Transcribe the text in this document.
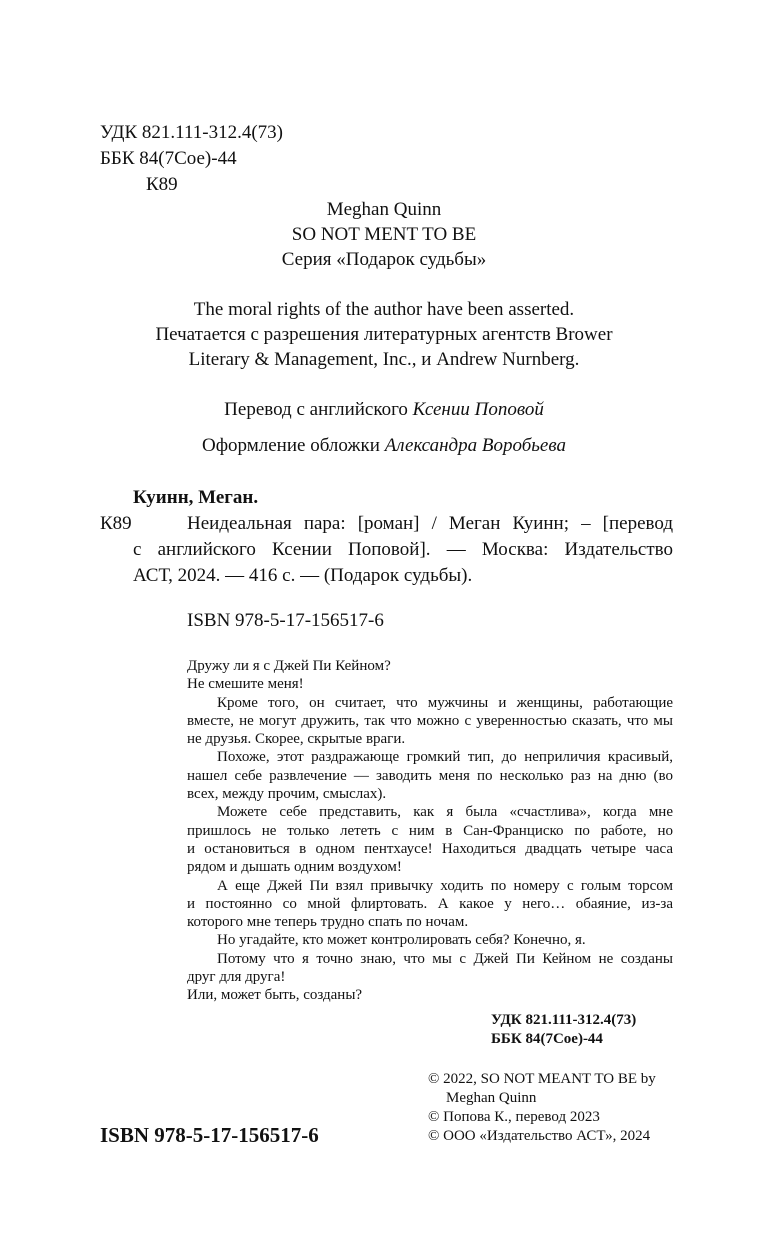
УДК 821.111-312.4(73)
ББК 84(7Сое)-44
К89
Meghan Quinn
SO NOT MENT TO BE
Серия «Подарок судьбы»
The moral rights of the author have been asserted.
Печатается с разрешения литературных агентств Brower
Literary & Management, Inc., и Andrew Nurnberg.
Перевод с английского Ксении Поповой
Оформление обложки Александра Воробьева
Куинн, Меган.
К89	Неидеальная пара: [роман] / Меган Куинн; – [перевод
с английского Ксении Поповой]. — Москва: Издательство
АСТ, 2024. — 416 с. — (Подарок судьбы).
ISBN 978-5-17-156517-6
Дружу ли я с Джей Пи Кейном?
Не смешите меня!
Кроме того, он считает, что мужчины и женщины, работающие
вместе, не могут дружить, так что можно с уверенностью сказать, что мы
не друзья. Скорее, скрытые враги.
Похоже, этот раздражающе громкий тип, до неприличия красивый,
нашел себе развлечение — заводить меня по несколько раз на дню (во
всех, между прочим, смыслах).
Можете себе представить, как я была «счастлива», когда мне
пришлось не только лететь с ним в Сан-Франциско по работе, но
и остановиться в одном пентхаусе! Находиться двадцать четыре часа
рядом и дышать одним воздухом!
А еще Джей Пи взял привычку ходить по номеру с голым торсом
и постоянно со мной флиртовать. А какое у него… обаяние, из-за
которого мне теперь трудно спать по ночам.
Но угадайте, кто может контролировать себя? Конечно, я.
Потому что я точно знаю, что мы с Джей Пи Кейном не созданы
друг для друга!
Или, может быть, созданы?
УДК 821.111-312.4(73)
ББК 84(7Сое)-44
© 2022, SO NOT MEANT TO BE by
Meghan Quinn
© Попова К., перевод 2023
© ООО «Издательство АСТ», 2024
ISBN 978-5-17-156517-6
